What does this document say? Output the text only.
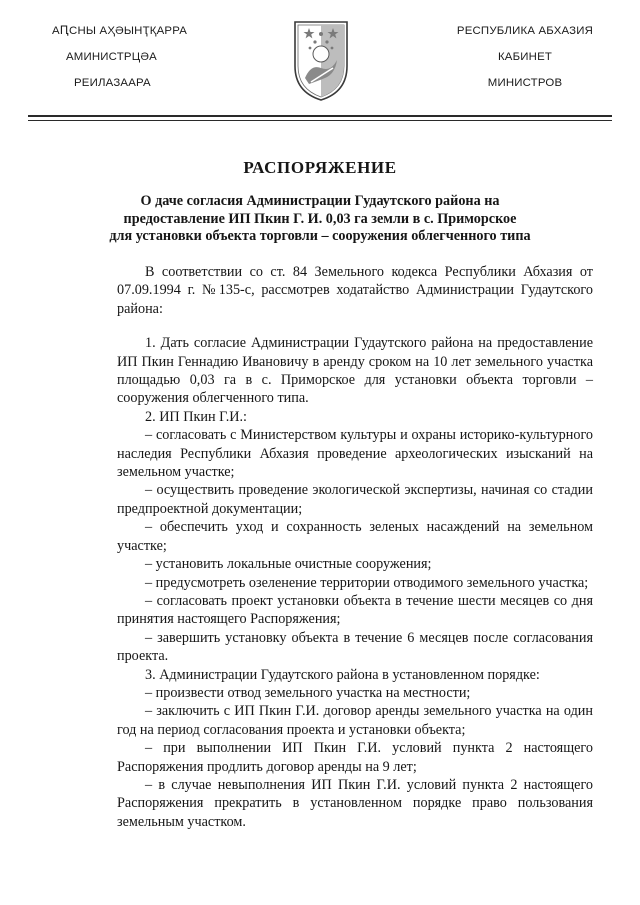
АԤСНЫ АҲӘЫНҬҚАРРА
АМИНИСТРЦӘА
РЕИЛАЗААРА
РЕСПУБЛИКА АБХАЗИЯ
КАБИНЕТ
МИНИСТРОВ
РАСПОРЯЖЕНИЕ
О даче согласия Администрации Гудаутского района на
предоставление ИП Пкин Г. И. 0,03 га земли в с. Приморское
для установки объекта торговли – сооружения облегченного типа

В соответствии со ст. 84 Земельного кодекса Республики Абхазия от 07.09.1994 г. №135-с, рассмотрев ходатайство Администрации Гудаутского района:

1. Дать согласие Администрации Гудаутского района на предоставление ИП Пкин Геннадию Ивановичу в аренду сроком на 10 лет земельного участка площадью 0,03 га в с. Приморское для установки объекта торговли – сооружения облегченного типа.

2. ИП Пкин Г.И.:

– согласовать с Министерством культуры и охраны историко-культурного наследия Республики Абхазия проведение археологических изысканий на земельном участке;

– осуществить проведение экологической экспертизы, начиная со стадии предпроектной документации;

– обеспечить уход и сохранность зеленых насаждений на земельном участке;

– установить локальные очистные сооружения;

– предусмотреть озеленение территории отводимого земельного участка;

– согласовать проект установки объекта в течение шести месяцев со дня принятия настоящего Распоряжения;

– завершить установку объекта в течение 6 месяцев после согласования проекта.

3. Администрации Гудаутского района в установленном порядке:

– произвести отвод земельного участка на местности;

– заключить с ИП Пкин Г.И. договор аренды земельного участка на один год на период согласования проекта и установки объекта;

– при выполнении ИП Пкин Г.И. условий пункта 2 настоящего Распоряжения продлить договор аренды на 9 лет;

– в случае невыполнения ИП Пкин Г.И. условий пункта 2 настоящего Распоряжения прекратить в установленном порядке право пользования земельным участком.
